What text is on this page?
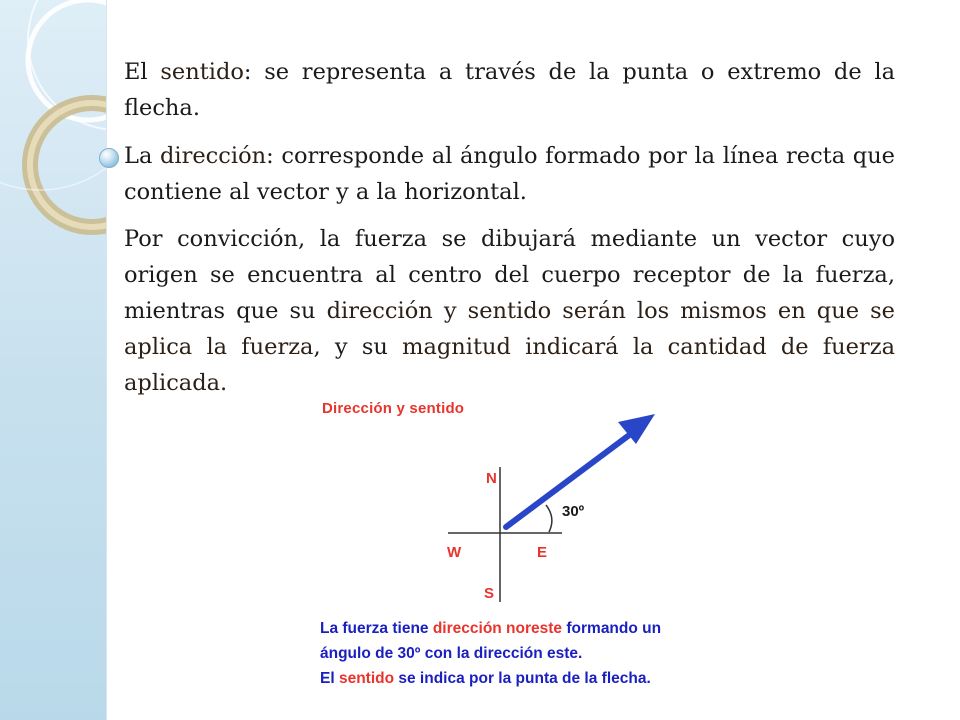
El sentido: se representa a través de la punta o extremo de la flecha.

La dirección: corresponde al ángulo formado por la línea recta que contiene al vector y a la horizontal.

Por convicción, la fuerza se dibujará mediante un vector cuyo origen se encuentra al centro del cuerpo receptor de la fuerza, mientras que su dirección y sentido serán los mismos en que se aplica la fuerza, y su magnitud indicará la cantidad de fuerza aplicada.

N
S
E
W
30º

Dirección y sentido

La fuerza tiene dirección noreste formando un
ángulo de 30º con la dirección este.
El sentido se indica por la punta de la flecha.
